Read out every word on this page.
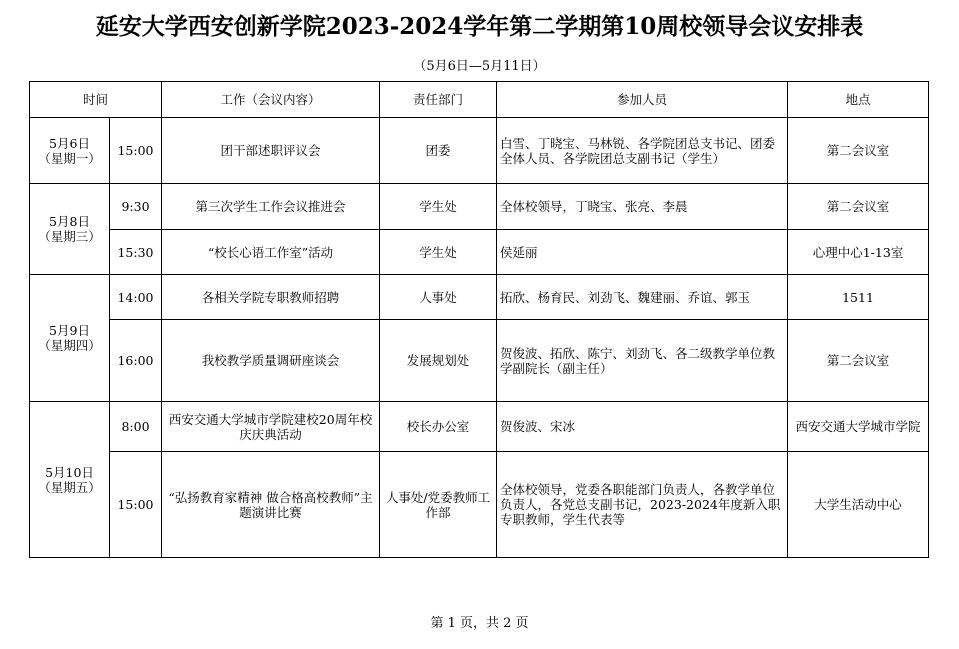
延安大学西安创新学院2023-2024学年第二学期第10周校领导会议安排表
（5月6日—5月11日）
时间		工作（会议内容）	责任部门	参加人员	地点
5月6日
（星期一）	15:00	团干部述职评议会	团委	白雪、丁晓宝、马林锐、各学院团总支书记、团委全体人员、各学院团总支副书记（学生）	第二会议室
5月8日
（星期三）	9:30	第三次学生工作会议推进会	学生处	全体校领导，丁晓宝、张亮、李晨	第二会议室
	15:30	“校长心语工作室”活动	学生处	侯延丽	心理中心1-13室
5月9日
（星期四）	14:00	各相关学院专职教师招聘	人事处	拓欣、杨育民、刘劲飞、魏建丽、乔谊、郭玉	1511
	16:00	我校教学质量调研座谈会	发展规划处	贺俊波、拓欣、陈宁、刘劲飞、各二级教学单位教学副院长（副主任）	第二会议室
5月10日
（星期五）	8:00	西安交通大学城市学院建校20周年校庆庆典活动	校长办公室	贺俊波、宋冰	西安交通大学城市学院
	15:00	“弘扬教育家精神 做合格高校教师”主题演讲比赛	人事处/党委教师工作部	全体校领导，党委各职能部门负责人，各教学单位负责人，各党总支副书记，2023-2024年度新入职专职教师，学生代表等	大学生活动中心
第 1 页，共 2 页
